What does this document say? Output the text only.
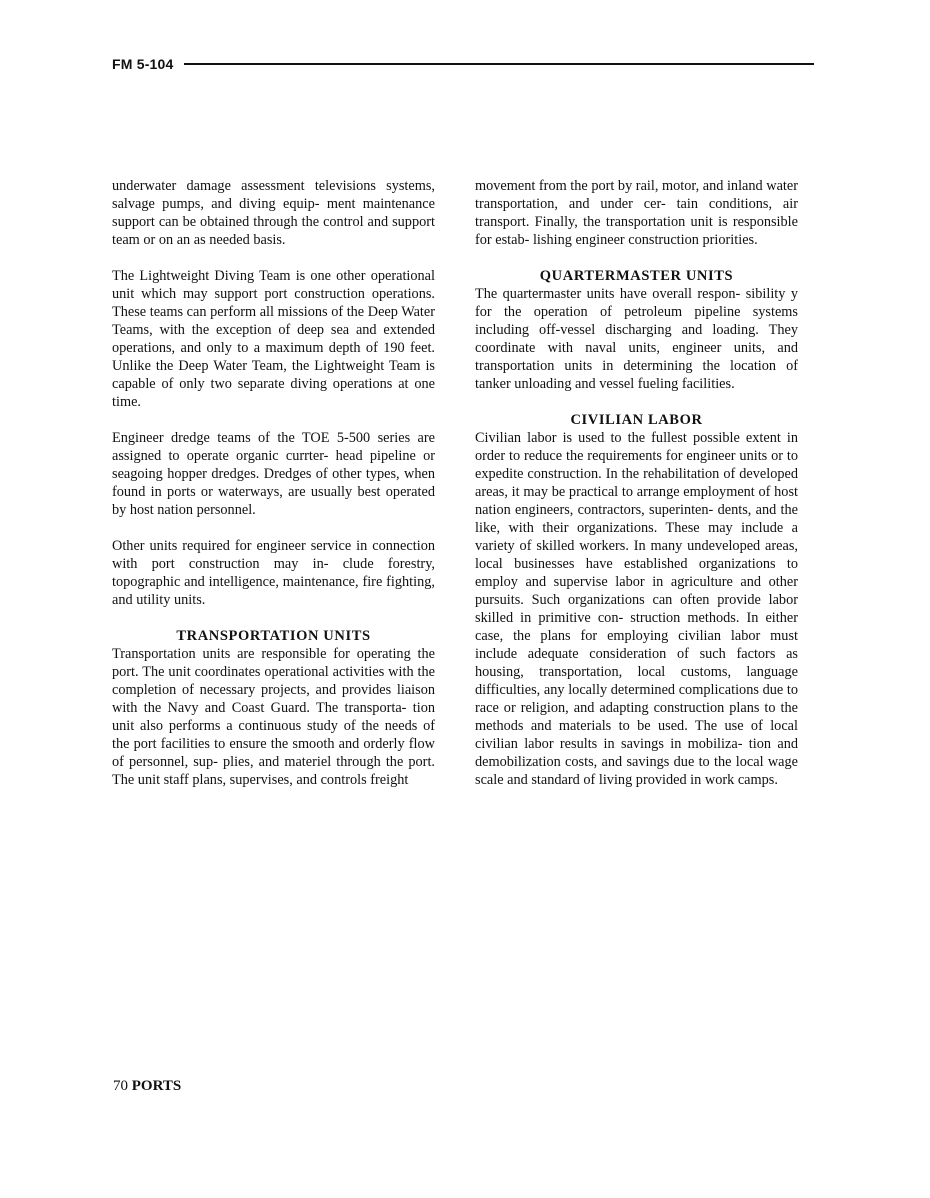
FM 5-104

underwater damage assessment televisions systems, salvage pumps, and diving equip- ment maintenance support can be obtained through the control and support team or on an as needed basis.

The Lightweight Diving Team is one other operational unit which may support port construction operations. These teams can perform all missions of the Deep Water Teams, with the exception of deep sea and extended operations, and only to a maximum depth of 190 feet. Unlike the Deep Water Team, the Lightweight Team is capable of only two separate diving operations at one time.

Engineer dredge teams of the TOE 5-500 series are assigned to operate organic currter- head pipeline or seagoing hopper dredges. Dredges of other types, when found in ports or waterways, are usually best operated by host nation personnel.

Other units required for engineer service in connection with port construction may in- clude forestry, topographic and intelligence, maintenance, fire fighting, and utility units.

TRANSPORTATION UNITS

Transportation units are responsible for operating the port. The unit coordinates operational activities with the completion of necessary projects, and provides liaison with the Navy and Coast Guard. The transporta- tion unit also performs a continuous study of the needs of the port facilities to ensure the smooth and orderly flow of personnel, sup- plies, and materiel through the port. The unit staff plans, supervises, and controls freight

movement from the port by rail, motor, and inland water transportation, and under cer- tain conditions, air transport. Finally, the transportation unit is responsible for estab- lishing engineer construction priorities.

QUARTERMASTER UNITS

The quartermaster units have overall respon- sibility y for the operation of petroleum pipeline systems including off-vessel discharging and loading. They coordinate with naval units, engineer units, and transportation units in determining the location of tanker unloading and vessel fueling facilities.

CIVILIAN LABOR

Civilian labor is used to the fullest possible extent in order to reduce the requirements for engineer units or to expedite construction. In the rehabilitation of developed areas, it may be practical to arrange employment of host nation engineers, contractors, superinten- dents, and the like, with their organizations. These may include a variety of skilled workers. In many undeveloped areas, local businesses have established organizations to employ and supervise labor in agriculture and other pursuits. Such organizations can often provide labor skilled in primitive con- struction methods. In either case, the plans for employing civilian labor must include adequate consideration of such factors as housing, transportation, local customs, language difficulties, any locally determined complications due to race or religion, and adapting construction plans to the methods and materials to be used. The use of local civilian labor results in savings in mobiliza- tion and demobilization costs, and savings due to the local wage scale and standard of living provided in work camps.

70 PORTS
